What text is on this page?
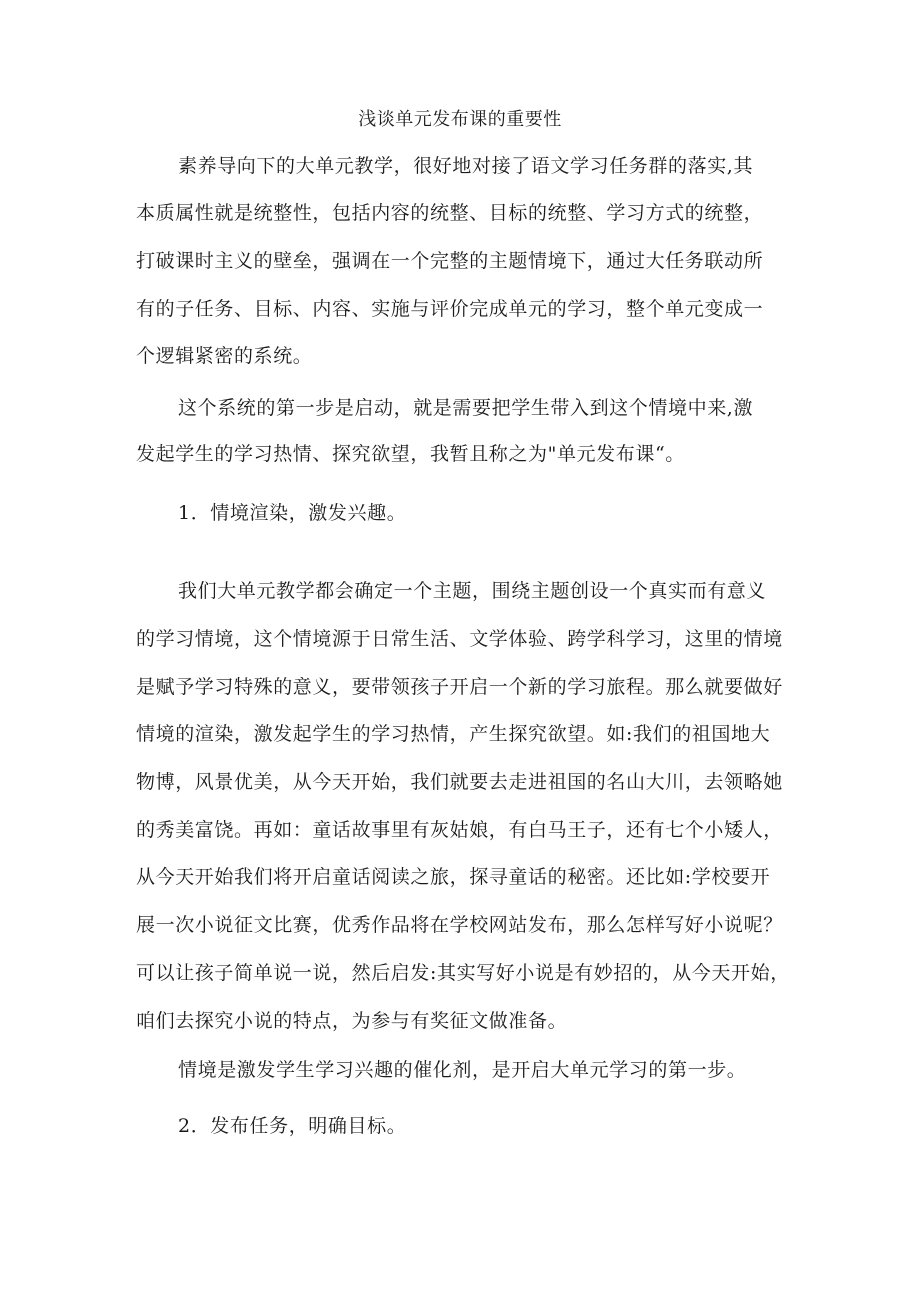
浅谈单元发布课的重要性
素养导向下的大单元教学，很好地对接了语文学习任务群的落实,其
本质属性就是统整性，包括内容的统整、目标的统整、学习方式的统整，
打破课时主义的壁垒，强调在一个完整的主题情境下，通过大任务联动所
有的子任务、目标、内容、实施与评价完成单元的学习，整个单元变成一
个逻辑紧密的系统。
这个系统的第一步是启动，就是需要把学生带入到这个情境中来,激
发起学生的学习热情、探究欲望，我暂且称之为"单元发布课“。
1．情境渲染，激发兴趣。
我们大单元教学都会确定一个主题，围绕主题创设一个真实而有意义
的学习情境，这个情境源于日常生活、文学体验、跨学科学习，这里的情境
是赋予学习特殊的意义，要带领孩子开启一个新的学习旅程。那么就要做好
情境的渲染，激发起学生的学习热情，产生探究欲望。如:我们的祖国地大
物博，风景优美，从今天开始，我们就要去走进祖国的名山大川，去领略她
的秀美富饶。再如：童话故事里有灰姑娘，有白马王子，还有七个小矮人，
从今天开始我们将开启童话阅读之旅，探寻童话的秘密。还比如:学校要开
展一次小说征文比赛，优秀作品将在学校网站发布，那么怎样写好小说呢？
可以让孩子简单说一说，然后启发:其实写好小说是有妙招的，从今天开始，
咱们去探究小说的特点，为参与有奖征文做准备。
情境是激发学生学习兴趣的催化剂，是开启大单元学习的第一步。
2．发布任务，明确目标。
